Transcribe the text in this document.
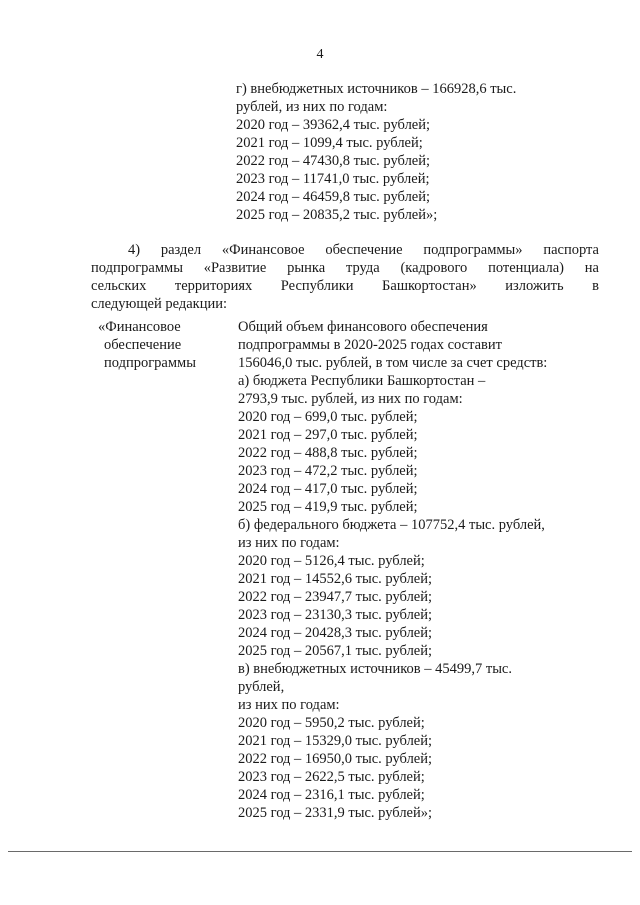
4
г) внебюджетных источников – 166928,6 тыс.
рублей, из них по годам:
2020 год – 39362,4 тыс. рублей;
2021 год – 1099,4 тыс. рублей;
2022 год – 47430,8 тыс. рублей;
2023 год – 11741,0 тыс. рублей;
2024 год – 46459,8 тыс. рублей;
2025 год – 20835,2 тыс. рублей»;
4) раздел «Финансовое обеспечение подпрограммы» паспорта
подпрограммы «Развитие рынка труда (кадрового потенциала) на
сельских территориях Республики Башкортостан» изложить в
следующей редакции:
«Финансовое
обеспечение
подпрограммы
Общий объем финансового обеспечения
подпрограммы в 2020-2025 годах составит
156046,0 тыс. рублей, в том числе за счет средств:
а) бюджета Республики Башкортостан –
2793,9 тыс. рублей, из них по годам:
2020 год – 699,0 тыс. рублей;
2021 год – 297,0 тыс. рублей;
2022 год – 488,8 тыс. рублей;
2023 год – 472,2 тыс. рублей;
2024 год – 417,0 тыс. рублей;
2025 год – 419,9 тыс. рублей;
б) федерального бюджета – 107752,4 тыс. рублей,
из них по годам:
2020 год – 5126,4 тыс. рублей;
2021 год – 14552,6 тыс. рублей;
2022 год – 23947,7 тыс. рублей;
2023 год – 23130,3 тыс. рублей;
2024 год – 20428,3 тыс. рублей;
2025 год – 20567,1 тыс. рублей;
в) внебюджетных источников – 45499,7 тыс.
рублей,
из них по годам:
2020 год – 5950,2 тыс. рублей;
2021 год – 15329,0 тыс. рублей;
2022 год – 16950,0 тыс. рублей;
2023 год – 2622,5 тыс. рублей;
2024 год – 2316,1 тыс. рублей;
2025 год – 2331,9 тыс. рублей»;
